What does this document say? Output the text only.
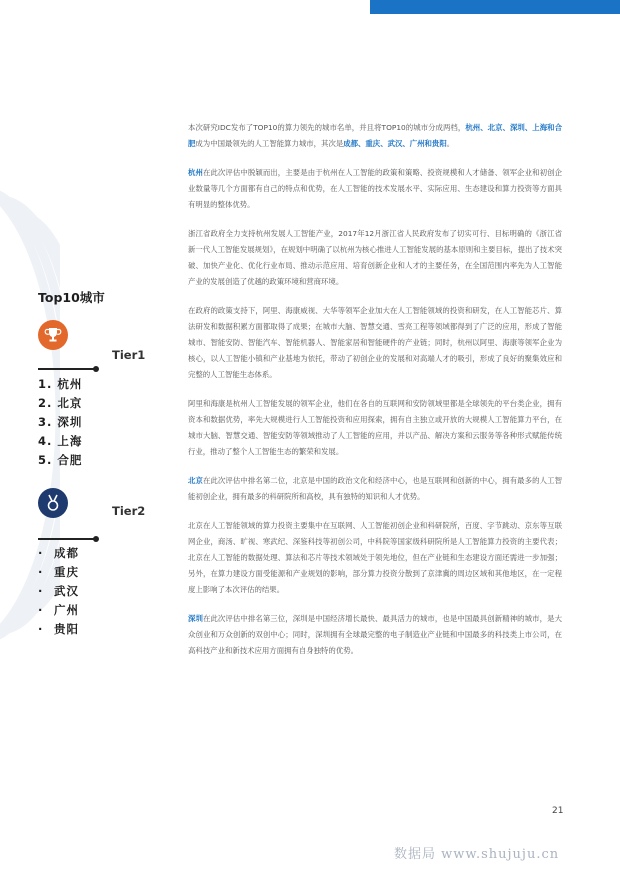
Top10城市
Tier1
1. 杭州
2. 北京
3. 深圳
4. 上海
5. 合肥
Tier2
· 成都
· 重庆
· 武汉
· 广州
· 贵阳

本次研究IDC发布了TOP10的算力领先的城市名单，并且将TOP10的城市分成两档，杭州、北京、深圳、上海和合肥成为中国最领先的人工智能算力城市，其次是成都、重庆、武汉、广州和贵阳。

杭州在此次评估中脱颖而出，主要是由于杭州在人工智能的政策和策略、投资规模和人才储备、领军企业和初创企业数量等几个方面都有自己的特点和优势，在人工智能的技术发展水平、实际应用、生态建设和算力投资等方面具有明显的整体优势。

浙江省政府全力支持杭州发展人工智能产业，2017年12月浙江省人民政府发布了切实可行、目标明确的《浙江省新一代人工智能发展规划》，在规划中明确了以杭州为核心推进人工智能发展的基本原则和主要目标，提出了技术突破、加快产业化、优化行业布局、推动示范应用、培育创新企业和人才的主要任务，在全国范围内率先为人工智能产业的发展创造了优越的政策环境和营商环境。

在政府的政策支持下，阿里、海康威视、大华等领军企业加大在人工智能领域的投资和研发，在人工智能芯片、算法研发和数据积累方面都取得了成果；在城市大脑、智慧交通、雪亮工程等领域都得到了广泛的应用，形成了智能城市、智能安防、智能汽车、智能机器人、智能家居和智能硬件的产业链；同时，杭州以阿里、海康等领军企业为核心，以人工智能小镇和产业基地为依托，带动了初创企业的发展和对高端人才的吸引，形成了良好的聚集效应和完整的人工智能生态体系。

阿里和海康是杭州人工智能发展的领军企业，他们在各自的互联网和安防领域里都是全球领先的平台类企业，拥有资本和数据优势，率先大规模进行人工智能投资和应用探索，拥有自主独立或开放的大规模人工智能算力平台，在城市大脑、智慧交通、智能安防等领域推动了人工智能的应用，并以产品、解决方案和云服务等各种形式赋能传统行业，推动了整个人工智能生态的繁荣和发展。

北京在此次评估中排名第二位，北京是中国的政治文化和经济中心，也是互联网和创新的中心，拥有最多的人工智能初创企业，拥有最多的科研院所和高校，具有独特的知识和人才优势。

北京在人工智能领域的算力投资主要集中在互联网、人工智能初创企业和科研院所，百度、字节跳动、京东等互联网企业，商汤、旷视、寒武纪、深鉴科技等初创公司，中科院等国家级科研院所是人工智能算力投资的主要代表；北京在人工智能的数据处理、算法和芯片等技术领域处于领先地位，但在产业链和生态建设方面还需进一步加强；另外，在算力建设方面受能源和产业规划的影响，部分算力投资分散到了京津冀的周边区域和其他地区，在一定程度上影响了本次评估的结果。

深圳在此次评估中排名第三位，深圳是中国经济增长最快、最具活力的城市，也是中国最具创新精神的城市，是大众创业和万众创新的双创中心；同时，深圳拥有全球最完整的电子制造业产业链和中国最多的科技类上市公司，在高科技产业和新技术应用方面拥有自身独特的优势。

21
数据局 www.shujuju.cn
